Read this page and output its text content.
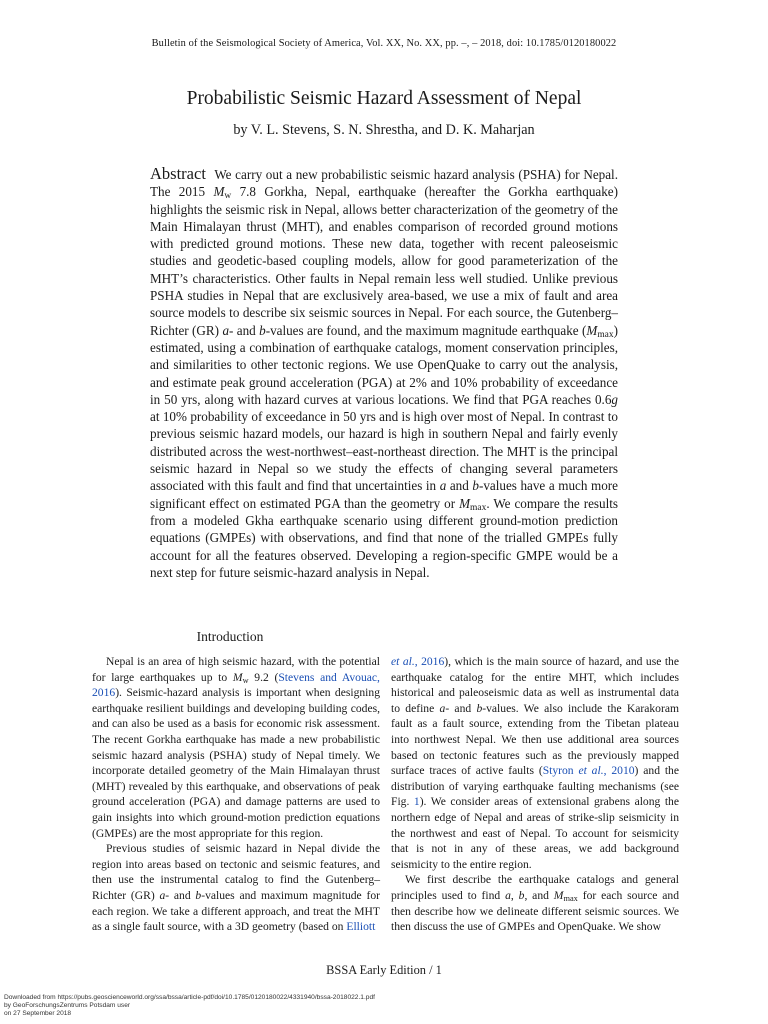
Bulletin of the Seismological Society of America, Vol. XX, No. XX, pp. –, – 2018, doi: 10.1785/0120180022
Probabilistic Seismic Hazard Assessment of Nepal
by V. L. Stevens, S. N. Shrestha, and D. K. Maharjan
Abstract We carry out a new probabilistic seismic hazard analysis (PSHA) for Nepal. The 2015 $M_w$ 7.8 Gorkha, Nepal, earthquake (hereafter the Gorkha earthquake) highlights the seismic risk in Nepal, allows better characterization of the geometry of the Main Himalayan thrust (MHT), and enables comparison of recorded ground motions with predicted ground motions. These new data, together with recent paleoseismic studies and geodetic-based coupling models, allow for good parameterization of the MHT’s characteristics. Other faults in Nepal remain less well studied. Unlike previous PSHA studies in Nepal that are exclusively area-based, we use a mix of fault and area source models to describe six seismic sources in Nepal. For each source, the Gutenberg–Richter (GR) a- and b-values are found, and the maximum magnitude earthquake $(M_{max})$ estimated, using a combination of earthquake catalogs, moment conservation principles, and similarities to other tectonic regions. We use OpenQuake to carry out the analysis, and estimate peak ground acceleration (PGA) at 2% and 10% probability of exceedance in 50 yrs, along with hazard curves at various locations. We find that PGA reaches 0.6g at 10% probability of exceedance in 50 yrs and is high over most of Nepal. In contrast to previous seismic hazard models, our hazard is high in southern Nepal and fairly evenly distributed across the west-northwest–east-northeast direction. The MHT is the principal seismic hazard in Nepal so we study the effects of changing several parameters associated with this fault and find that uncertainties in a and b-values have a much more significant effect on estimated PGA than the geometry or $M_{max}$. We compare the results from a modeled Gkha earthquake scenario using different ground-motion prediction equations (GMPEs) with observations, and find that none of the trialled GMPEs fully account for all the features observed. Developing a region-specific GMPE would be a next step for future seismic-hazard analysis in Nepal.
Introduction

Nepal is an area of high seismic hazard, with the potential for large earthquakes up to $M_w$ 9.2 (Stevens and Avouac, 2016). Seismic-hazard analysis is important when designing earthquake resilient buildings and developing building codes, and can also be used as a basis for economic risk assessment. The recent Gorkha earthquake has made a new probabilistic seismic hazard analysis (PSHA) study of Nepal timely. We incorporate detailed geometry of the Main Himalayan thrust (MHT) revealed by this earthquake, and observations of peak ground acceleration (PGA) and damage patterns are used to gain insights into which ground-motion prediction equations (GMPEs) are the most appropriate for this region.

Previous studies of seismic hazard in Nepal divide the region into areas based on tectonic and seismic features, and then use the instrumental catalog to find the Gutenberg–Richter (GR) a- and b-values and maximum magnitude for each region. We take a different approach, and treat the MHT as a single fault source, with a 3D geometry (based on Elliott

et al., 2016), which is the main source of hazard, and use the earthquake catalog for the entire MHT, which includes historical and paleoseismic data as well as instrumental data to define a- and b-values. We also include the Karakoram fault as a fault source, extending from the Tibetan plateau into northwest Nepal. We then use additional area sources based on tectonic features such as the previously mapped surface traces of active faults (Styron et al., 2010) and the distribution of varying earthquake faulting mechanisms (see Fig. 1). We consider areas of extensional grabens along the northern edge of Nepal and areas of strike-slip seismicity in the northwest and east of Nepal. To account for seismicity that is not in any of these areas, we add background seismicity to the entire region.

We first describe the earthquake catalogs and general principles used to find a, b, and $M_{max}$ for each source and then describe how we delineate different seismic sources. We then discuss the use of GMPEs and OpenQuake. We show

BSSA Early Edition / 1
Downloaded from https://pubs.geoscienceworld.org/ssa/bssa/article-pdf/doi/10.1785/0120180022/4331940/bssa-2018022.1.pdf
by GeoForschungsZentrums Potsdam user
on 27 September 2018
